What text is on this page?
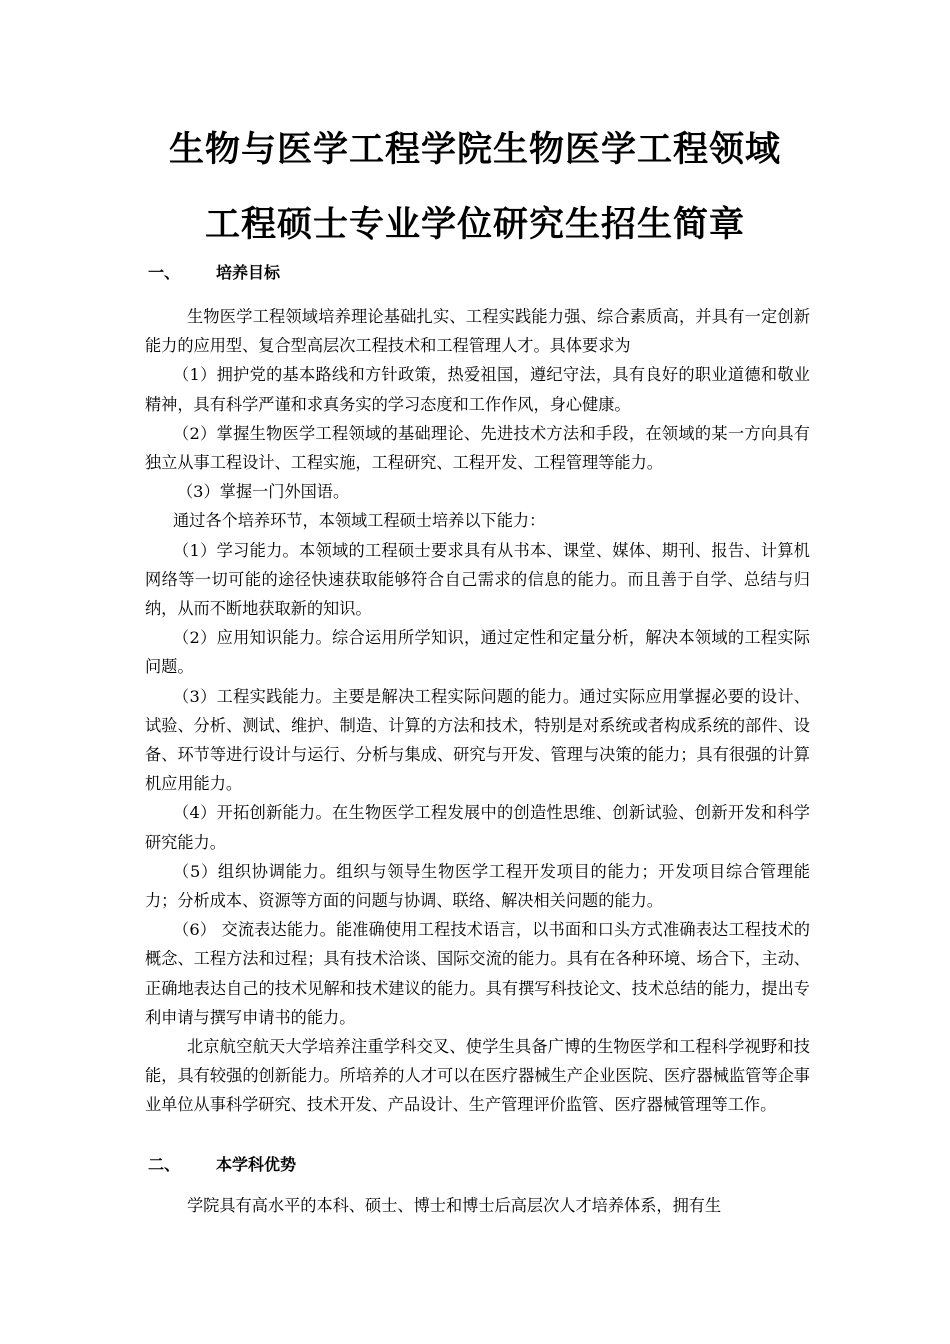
生物与医学工程学院生物医学工程领域
工程硕士专业学位研究生招生简章
一、 培养目标

生物医学工程领域培养理论基础扎实、工程实践能力强、综合素质高，并具有一定创新能力的应用型、复合型高层次工程技术和工程管理人才。具体要求为

（1）拥护党的基本路线和方针政策，热爱祖国，遵纪守法，具有良好的职业道德和敬业精神，具有科学严谨和求真务实的学习态度和工作作风，身心健康。

（2）掌握生物医学工程领域的基础理论、先进技术方法和手段，在领域的某一方向具有独立从事工程设计、工程实施，工程研究、工程开发、工程管理等能力。

（3）掌握一门外国语。

通过各个培养环节，本领域工程硕士培养以下能力：

（1）学习能力。本领域的工程硕士要求具有从书本、课堂、媒体、期刊、报告、计算机网络等一切可能的途径快速获取能够符合自己需求的信息的能力。而且善于自学、总结与归纳，从而不断地获取新的知识。

（2）应用知识能力。综合运用所学知识，通过定性和定量分析，解决本领域的工程实际问题。

（3）工程实践能力。主要是解决工程实际问题的能力。通过实际应用掌握必要的设计、试验、分析、测试、维护、制造、计算的方法和技术，特别是对系统或者构成系统的部件、设备、环节等进行设计与运行、分析与集成、研究与开发、管理与决策的能力；具有很强的计算机应用能力。

（4）开拓创新能力。在生物医学工程发展中的创造性思维、创新试验、创新开发和科学研究能力。

（5）组织协调能力。组织与领导生物医学工程开发项目的能力；开发项目综合管理能力；分析成本、资源等方面的问题与协调、联络、解决相关问题的能力。

（6） 交流表达能力。能准确使用工程技术语言，以书面和口头方式准确表达工程技术的概念、工程方法和过程；具有技术洽谈、国际交流的能力。具有在各种环境、场合下，主动、正确地表达自己的技术见解和技术建议的能力。具有撰写科技论文、技术总结的能力，提出专利申请与撰写申请书的能力。

北京航空航天大学培养注重学科交叉、使学生具备广博的生物医学和工程科学视野和技能，具有较强的创新能力。所培养的人才可以在医疗器械生产企业医院、医疗器械监管等企事业单位从事科学研究、技术开发、产品设计、生产管理评价监管、医疗器械管理等工作。

二、 本学科优势

学院具有高水平的本科、硕士、博士和博士后高层次人才培养体系，拥有生
